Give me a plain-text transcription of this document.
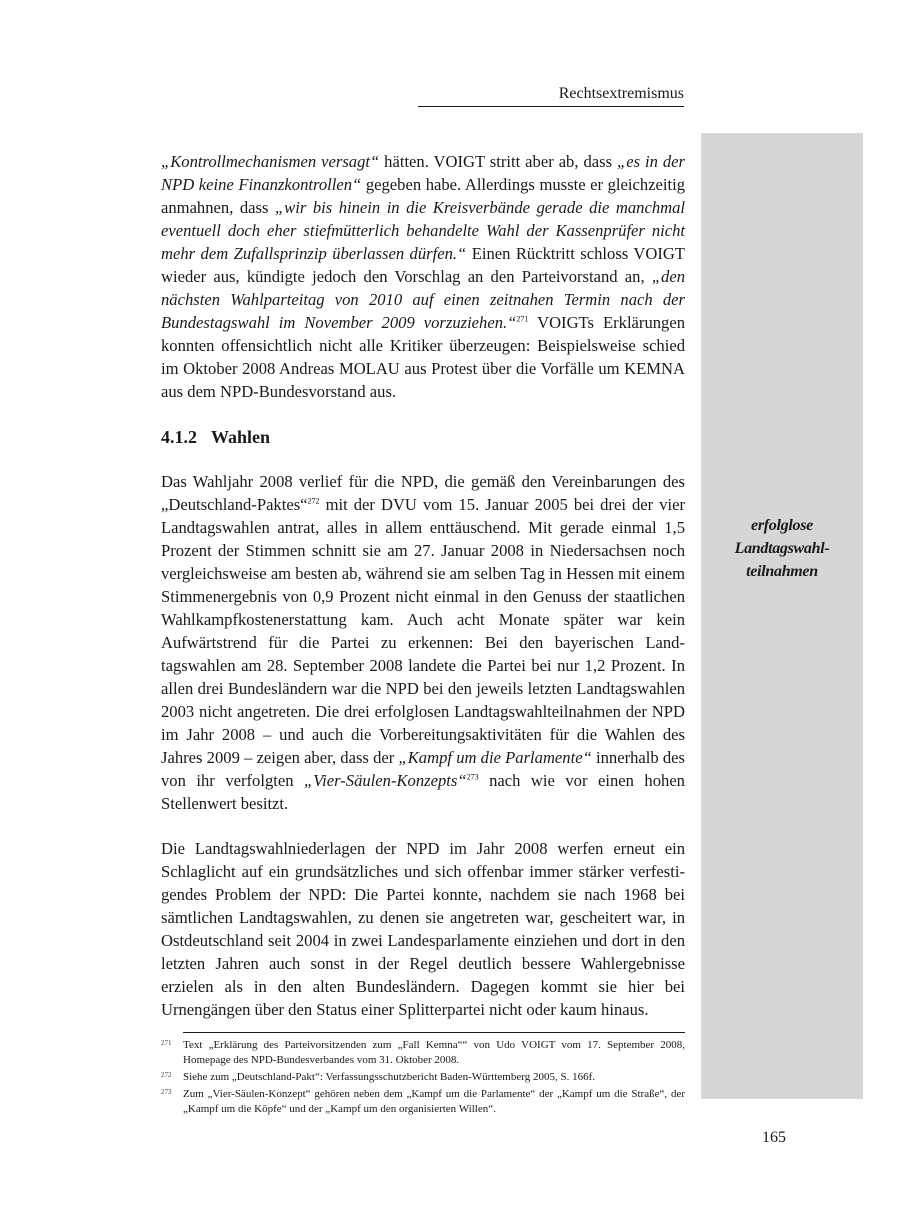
Rechtsextremismus
erfolglose
Landtagswahl-
teilnahmen

„Kontrollmechanismen versagt“ hätten. VOIGT stritt aber ab, dass „es in der NPD keine Finanzkontrollen“ gegeben habe. Allerdings musste er gleichzeitig anmahnen, dass „wir bis hinein in die Kreisverbände gerade die manchmal eventuell doch eher stiefmütterlich behandelte Wahl der Kassenprüfer nicht mehr dem Zufallsprinzip überlassen dürfen.“ Einen Rücktritt schloss VOIGT wieder aus, kündigte jedoch den Vorschlag an den Parteivorstand an, „den nächsten Wahlparteitag von 2010 auf einen zeitnahen Termin nach der Bundestagswahl im November 2009 vorzuziehen.“$^{271}$ VOIGTs Erklärungen konnten offensichtlich nicht alle Kritiker überzeugen: Beispielsweise schied im Oktober 2008 Andreas MOLAU aus Protest über die Vorfälle um KEMNA aus dem NPD-Bundesvorstand aus.

4.1.2 Wahlen

Das Wahljahr 2008 verlief für die NPD, die gemäß den Vereinbarungen des „Deutschland-Paktes“$^{272}$ mit der DVU vom 15. Januar 2005 bei drei der vier Landtagswahlen antrat, alles in allem enttäuschend. Mit gerade einmal 1,5 Prozent der Stimmen schnitt sie am 27. Januar 2008 in Niedersachsen noch vergleichsweise am besten ab, während sie am selben Tag in Hessen mit einem Stimmenergebnis von 0,9 Prozent nicht einmal in den Genuss der staatlichen Wahlkampfkostenerstattung kam. Auch acht Monate später war kein Aufwärtstrend für die Partei zu erkennen: Bei den bayerischen Landtagswahlen am 28. September 2008 landete die Partei bei nur 1,2 Prozent. In allen drei Bundesländern war die NPD bei den jeweils letzten Landtagswahlen 2003 nicht angetreten. Die drei erfolglosen Landtagswahlteilnahmen der NPD im Jahr 2008 – und auch die Vorbereitungsaktivitäten für die Wahlen des Jahres 2009 – zeigen aber, dass der „Kampf um die Parlamente“ innerhalb des von ihr verfolgten „Vier-Säulen-Konzepts“$^{273}$ nach wie vor einen hohen Stellenwert besitzt.

Die Landtagswahlniederlagen der NPD im Jahr 2008 werfen erneut ein Schlaglicht auf ein grundsätzliches und sich offenbar immer stärker verfestigendes Problem der NPD: Die Partei konnte, nachdem sie nach 1968 bei sämtlichen Landtagswahlen, zu denen sie angetreten war, gescheitert war, in Ostdeutschland seit 2004 in zwei Landesparlamente einziehen und dort in den letzten Jahren auch sonst in der Regel deutlich bessere Wahlergebnisse erzielen als in den alten Bundesländern. Dagegen kommt sie hier bei Urnengängen über den Status einer Splitterpartei nicht oder kaum hinaus.

271 Text „Erklärung des Parteivorsitzenden zum „Fall Kemna““ von Udo VOIGT vom 17. September 2008, Homepage des NPD-Bundesverbandes vom 31. Oktober 2008.
272 Siehe zum „Deutschland-Pakt“: Verfassungsschutzbericht Baden-Württemberg 2005, S. 166f.
273 Zum „Vier-Säulen-Konzept“ gehören neben dem „Kampf um die Parlamente“ der „Kampf um die Straße“, der „Kampf um die Köpfe“ und der „Kampf um den organisierten Willen“.
165
